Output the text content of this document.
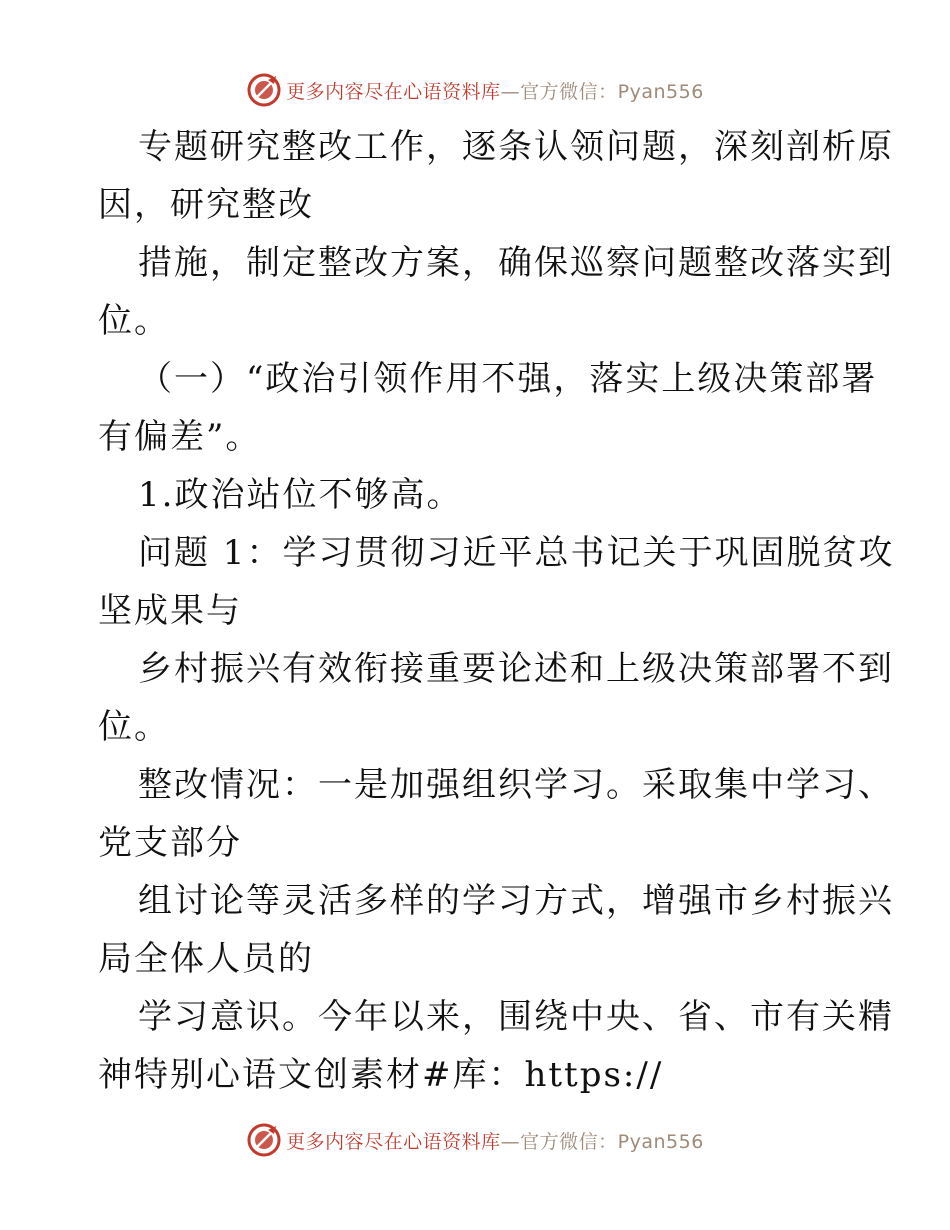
更多内容尽在心语资料库—官方微信：Pyan556
专题研究整改工作，逐条认领问题，深刻剖析原
因，研究整改
措施，制定整改方案，确保巡察问题整改落实到
位。
（一）“政治引领作用不强，落实上级决策部署
有偏差”。
1.政治站位不够高。
问题 1：学习贯彻习近平总书记关于巩固脱贫攻
坚成果与
乡村振兴有效衔接重要论述和上级决策部署不到
位。
整改情况：一是加强组织学习。采取集中学习、
党支部分
组讨论等灵活多样的学习方式，增强市乡村振兴
局全体人员的
学习意识。今年以来，围绕中央、省、市有关精
神特别心语文创素材#库：https://
更多内容尽在心语资料库—官方微信：Pyan556
